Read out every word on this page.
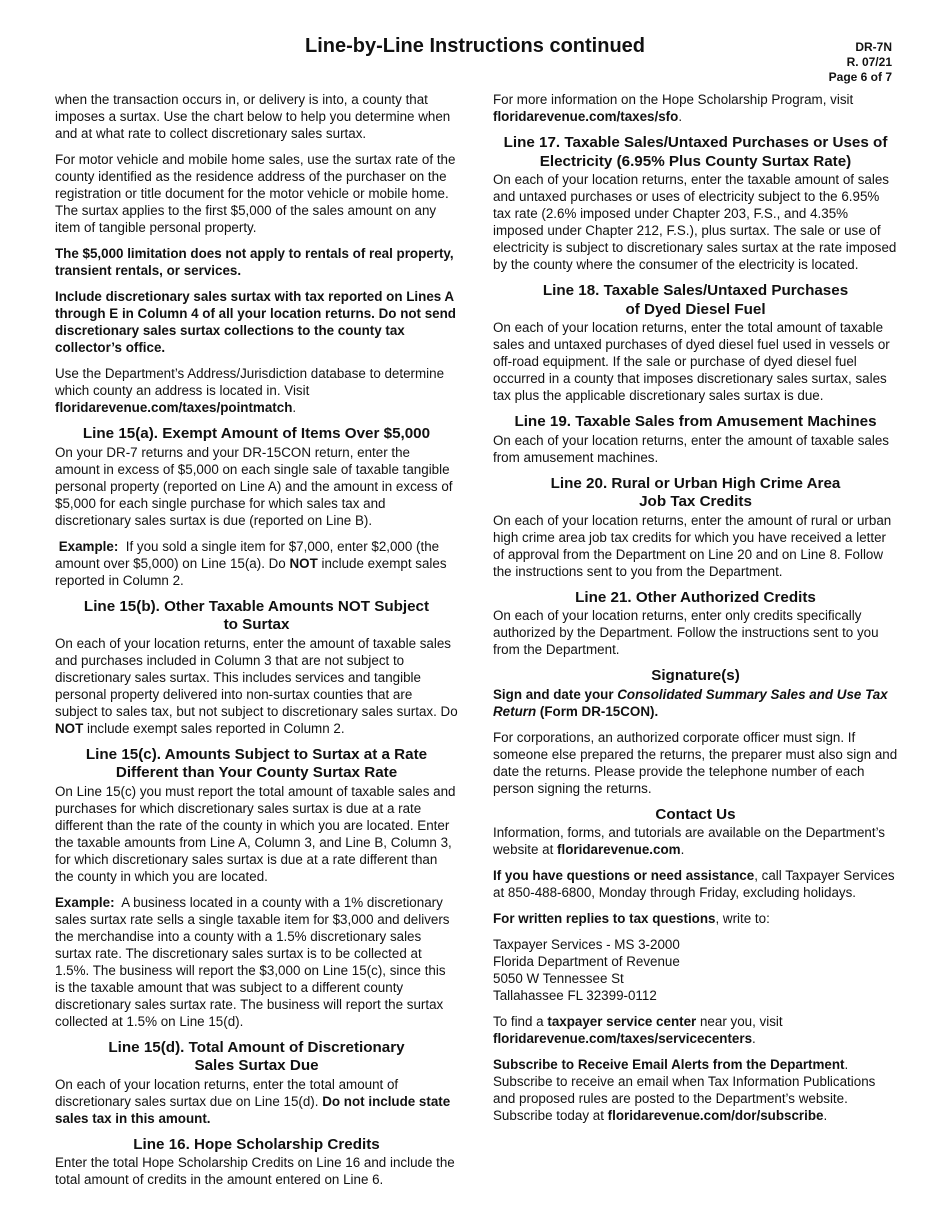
Line-by-Line Instructions continued	DR-7N
R. 07/21
Page 6 of 7

when the transaction occurs in, or delivery is into, a county that imposes a surtax. Use the chart below to help you determine when and at what rate to collect discretionary sales surtax.

For motor vehicle and mobile home sales, use the surtax rate of the county identified as the residence address of the purchaser on the registration or title document for the motor vehicle or mobile home. The surtax applies to the first $5,000 of the sales amount on any item of tangible personal property.

The $5,000 limitation does not apply to rentals of real property, transient rentals, or services.

Include discretionary sales surtax with tax reported on Lines A through E in Column 4 of all your location returns. Do not send discretionary sales surtax collections to the county tax collector’s office.

Use the Department’s Address/Jurisdiction database to determine which county an address is located in. Visit floridarevenue.com/taxes/pointmatch.

Line 15(a). Exempt Amount of Items Over $5,000

On your DR-7 returns and your DR-15CON return, enter the amount in excess of $5,000 on each single sale of taxable tangible personal property (reported on Line A) and the amount in excess of $5,000 for each single purchase for which sales tax and discretionary sales surtax is due (reported on Line B).

Example: If you sold a single item for $7,000, enter $2,000 (the amount over $5,000) on Line 15(a). Do NOT include exempt sales reported in Column 2.

Line 15(b). Other Taxable Amounts NOT Subject
to Surtax

On each of your location returns, enter the amount of taxable sales and purchases included in Column 3 that are not subject to discretionary sales surtax. This includes services and tangible personal property delivered into non-surtax counties that are subject to sales tax, but not subject to discretionary sales surtax. Do NOT include exempt sales reported in Column 2.

Line 15(c). Amounts Subject to Surtax at a Rate
Different than Your County Surtax Rate

On Line 15(c) you must report the total amount of taxable sales and purchases for which discretionary sales surtax is due at a rate different than the rate of the county in which you are located. Enter the taxable amounts from Line A, Column 3, and Line B, Column 3, for which discretionary sales surtax is due at a rate different than the county in which you are located.

Example: A business located in a county with a 1% discretionary sales surtax rate sells a single taxable item for $3,000 and delivers the merchandise into a county with a 1.5% discretionary sales surtax rate. The discretionary sales surtax is to be collected at 1.5%. The business will report the $3,000 on Line 15(c), since this is the taxable amount that was subject to a different county discretionary sales surtax rate. The business will report the surtax collected at 1.5% on Line 15(d).

Line 15(d). Total Amount of Discretionary
Sales Surtax Due

On each of your location returns, enter the total amount of discretionary sales surtax due on Line 15(d). Do not include state sales tax in this amount.

Line 16. Hope Scholarship Credits

Enter the total Hope Scholarship Credits on Line 16 and include the total amount of credits in the amount entered on Line 6.

For more information on the Hope Scholarship Program, visit floridarevenue.com/taxes/sfo.

Line 17. Taxable Sales/Untaxed Purchases or Uses of
Electricity (6.95% Plus County Surtax Rate)

On each of your location returns, enter the taxable amount of sales and untaxed purchases or uses of electricity subject to the 6.95% tax rate (2.6% imposed under Chapter 203, F.S., and 4.35% imposed under Chapter 212, F.S.), plus surtax. The sale or use of electricity is subject to discretionary sales surtax at the rate imposed by the county where the consumer of the electricity is located.

Line 18. Taxable Sales/Untaxed Purchases
of Dyed Diesel Fuel

On each of your location returns, enter the total amount of taxable sales and untaxed purchases of dyed diesel fuel used in vessels or off-road equipment. If the sale or purchase of dyed diesel fuel occurred in a county that imposes discretionary sales surtax, sales tax plus the applicable discretionary sales surtax is due.

Line 19. Taxable Sales from Amusement Machines

On each of your location returns, enter the amount of taxable sales from amusement machines.

Line 20. Rural or Urban High Crime Area
Job Tax Credits

On each of your location returns, enter the amount of rural or urban high crime area job tax credits for which you have received a letter of approval from the Department on Line 20 and on Line 8. Follow the instructions sent to you from the Department.

Line 21. Other Authorized Credits

On each of your location returns, enter only credits specifically authorized by the Department. Follow the instructions sent to you from the Department.

Signature(s)

Sign and date your Consolidated Summary Sales and Use Tax Return (Form DR-15CON).

For corporations, an authorized corporate officer must sign. If someone else prepared the returns, the preparer must also sign and date the returns. Please provide the telephone number of each person signing the returns.

Contact Us

Information, forms, and tutorials are available on the Department’s website at floridarevenue.com.

If you have questions or need assistance, call Taxpayer Services at 850-488-6800, Monday through Friday, excluding holidays.

For written replies to tax questions, write to:

Taxpayer Services - MS 3-2000
Florida Department of Revenue
5050 W Tennessee St
Tallahassee FL 32399-0112

To find a taxpayer service center near you, visit floridarevenue.com/taxes/servicecenters.

Subscribe to Receive Email Alerts from the Department. Subscribe to receive an email when Tax Information Publications and proposed rules are posted to the Department’s website. Subscribe today at floridarevenue.com/dor/subscribe.
